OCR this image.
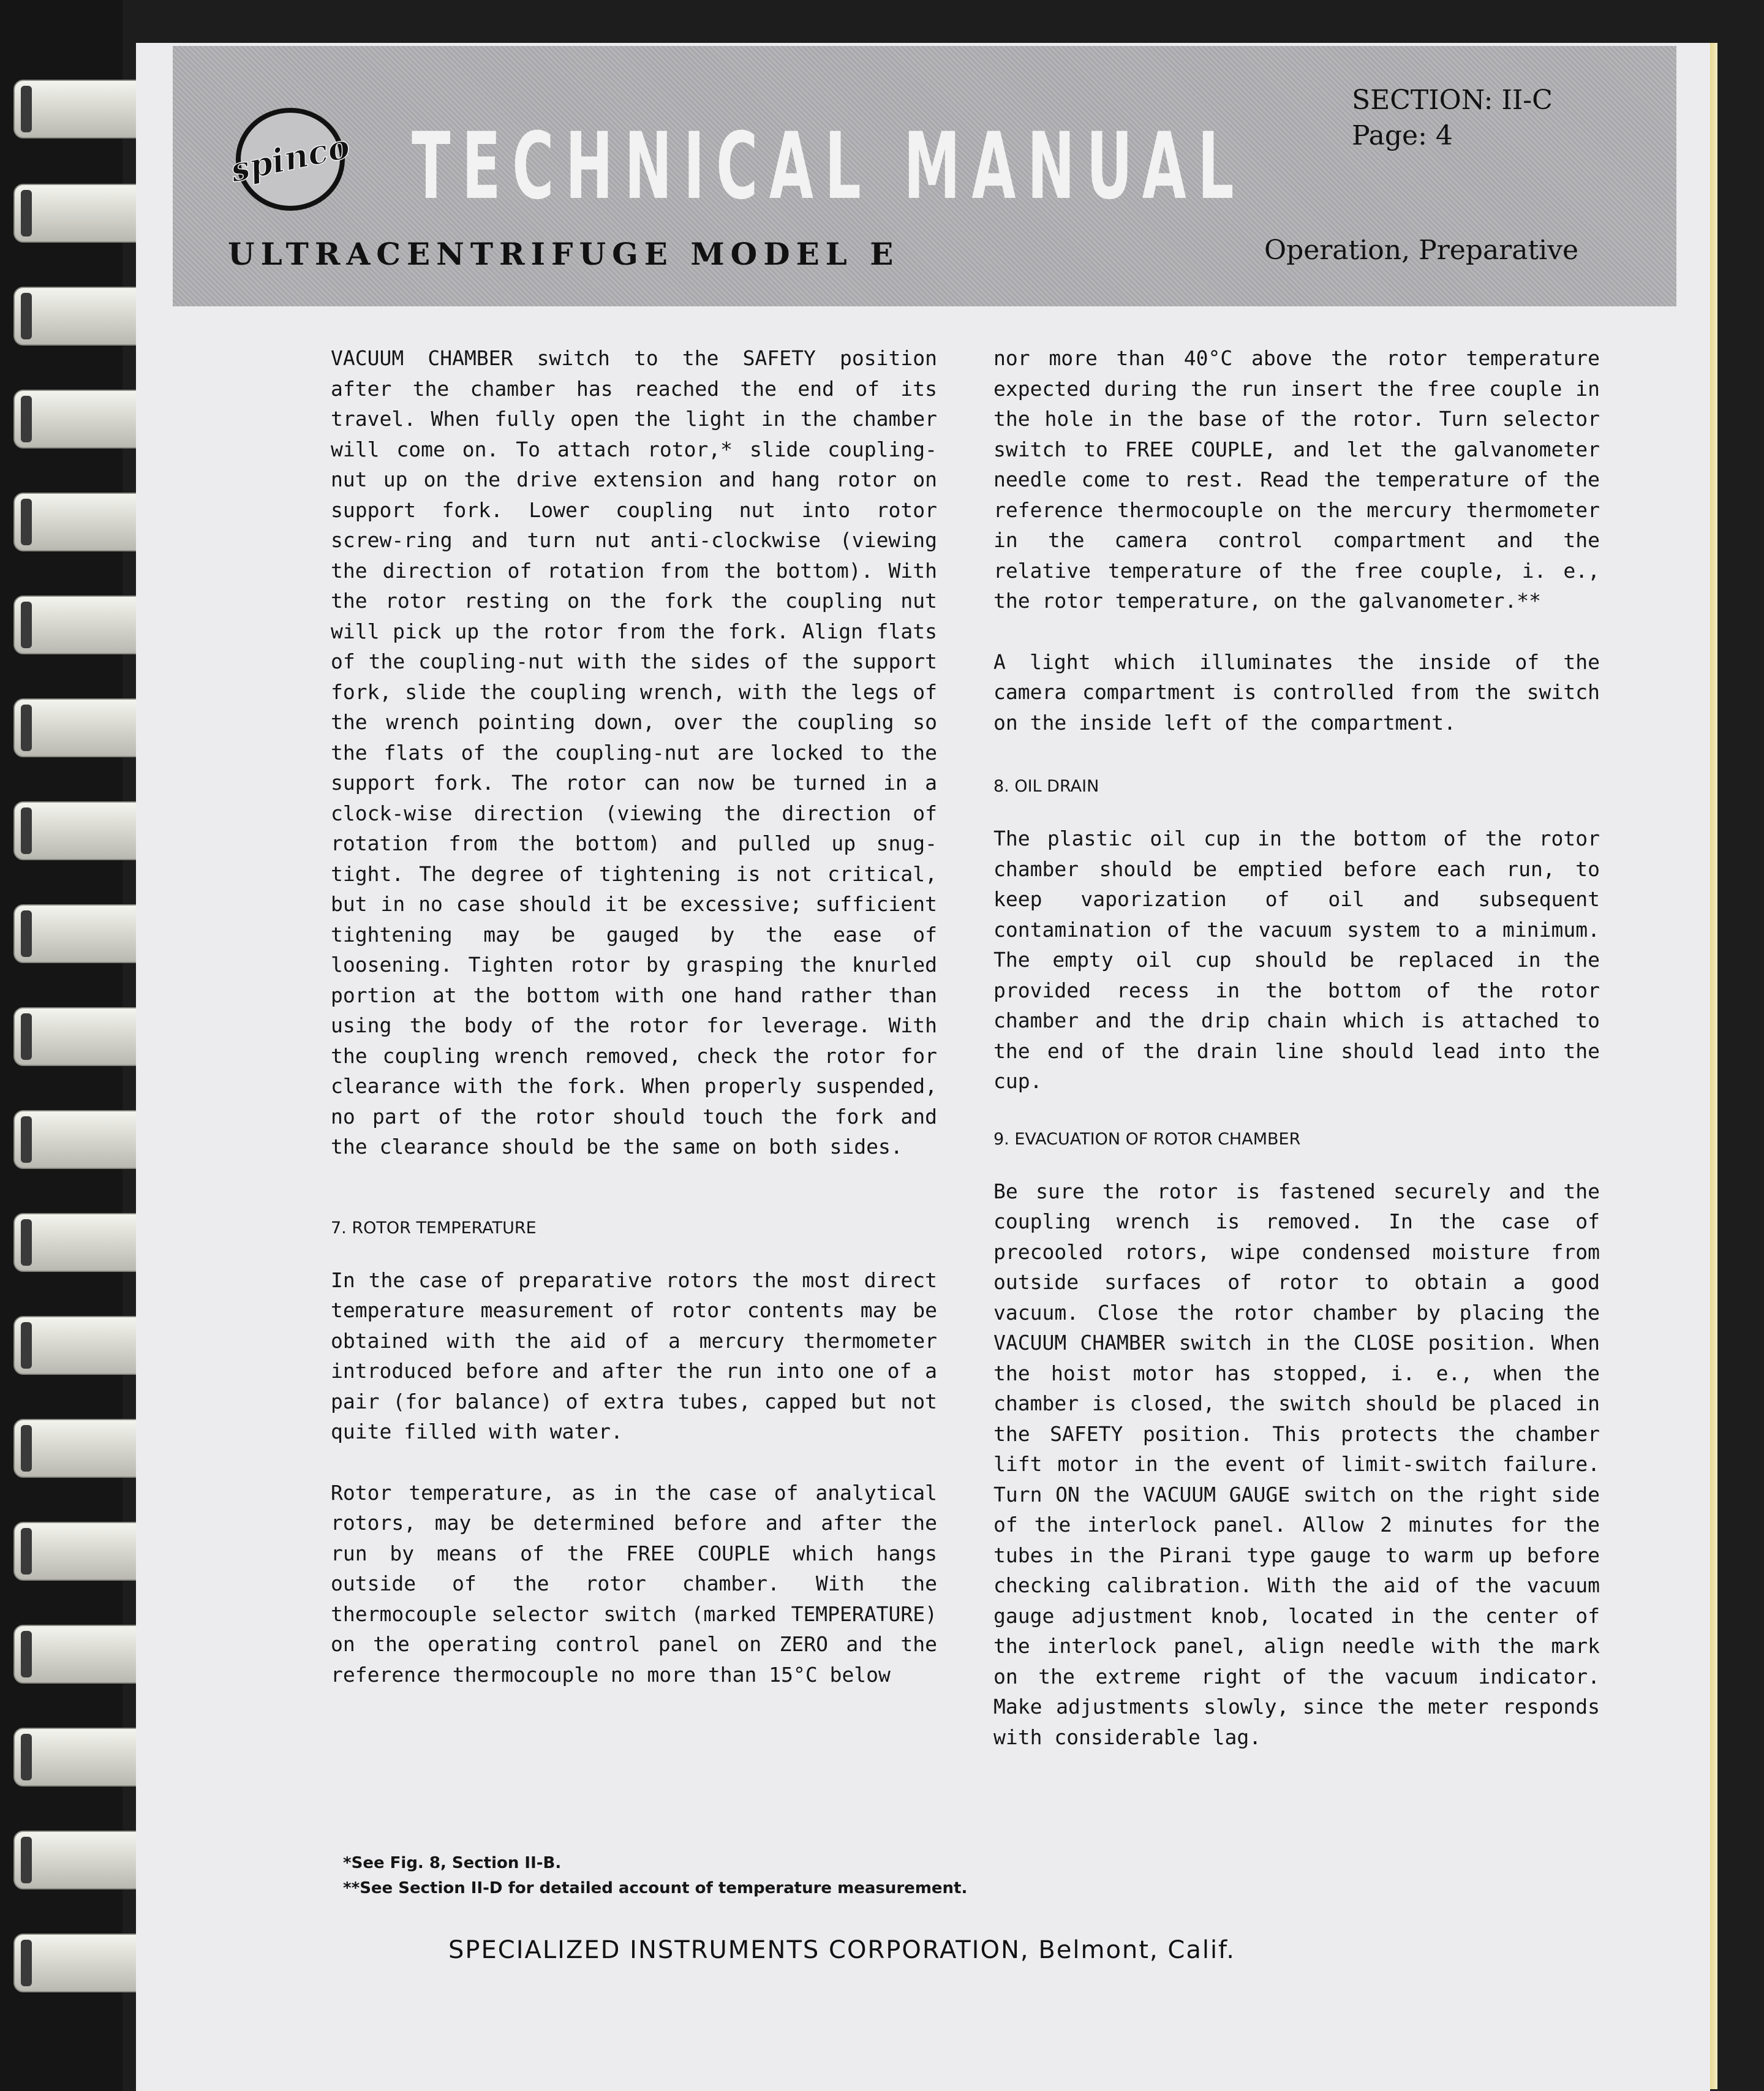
spinco TECHNICAL MANUAL
SECTION: II-C
Page: 4
ULTRACENTRIFUGE MODEL E	Operation, Preparative

VACUUM CHAMBER switch to the SAFETY position after the chamber has reached the end of its travel. When fully open the light in the chamber will come on. To attach rotor,* slide coupling-nut up on the drive extension and hang rotor on support fork. Lower coupling nut into rotor screw-ring and turn nut anti-clockwise (viewing the direction of rotation from the bottom). With the rotor resting on the fork the coupling nut will pick up the rotor from the fork. Align flats of the coupling-nut with the sides of the support fork, slide the coupling wrench, with the legs of the wrench pointing down, over the coupling so the flats of the coupling-nut are locked to the support fork. The rotor can now be turned in a clock-wise direction (viewing the direction of rotation from the bottom) and pulled up snug-tight. The degree of tightening is not critical, but in no case should it be excessive; sufficient tightening may be gauged by the ease of loosening. Tighten rotor by grasping the knurled portion at the bottom with one hand rather than using the body of the rotor for leverage. With the coupling wrench removed, check the rotor for clearance with the fork. When properly suspended, no part of the rotor should touch the fork and the clearance should be the same on both sides.

7. ROTOR TEMPERATURE

In the case of preparative rotors the most direct temperature measurement of rotor contents may be obtained with the aid of a mercury thermometer introduced before and after the run into one of a pair (for balance) of extra tubes, capped but not quite filled with water.

Rotor temperature, as in the case of analytical rotors, may be determined before and after the run by means of the FREE COUPLE which hangs outside of the rotor chamber. With the thermocouple selector switch (marked TEMPERATURE) on the operating control panel on ZERO and the reference thermocouple no more than 15°C below

nor more than 40°C above the rotor temperature expected during the run insert the free couple in the hole in the base of the rotor. Turn selector switch to FREE COUPLE, and let the galvanometer needle come to rest. Read the temperature of the reference thermocouple on the mercury thermometer in the camera control compartment and the relative temperature of the free couple, i. e., the rotor temperature, on the galvanometer.**

A light which illuminates the inside of the camera compartment is controlled from the switch on the inside left of the compartment.

8. OIL DRAIN

The plastic oil cup in the bottom of the rotor chamber should be emptied before each run, to keep vaporization of oil and subsequent contamination of the vacuum system to a minimum. The empty oil cup should be replaced in the provided recess in the bottom of the rotor chamber and the drip chain which is attached to the end of the drain line should lead into the cup.

9. EVACUATION OF ROTOR CHAMBER

Be sure the rotor is fastened securely and the coupling wrench is removed. In the case of precooled rotors, wipe condensed moisture from outside surfaces of rotor to obtain a good vacuum. Close the rotor chamber by placing the VACUUM CHAMBER switch in the CLOSE position. When the hoist motor has stopped, i. e., when the chamber is closed, the switch should be placed in the SAFETY position. This protects the chamber lift motor in the event of limit-switch failure. Turn ON the VACUUM GAUGE switch on the right side of the interlock panel. Allow 2 minutes for the tubes in the Pirani type gauge to warm up before checking calibration. With the aid of the vacuum gauge adjustment knob, located in the center of the interlock panel, align needle with the mark on the extreme right of the vacuum indicator. Make adjustments slowly, since the meter responds with considerable lag.

*See Fig. 8, Section II-B.
**See Section II-D for detailed account of temperature measurement.
SPECIALIZED INSTRUMENTS CORPORATION, Belmont, Calif.
